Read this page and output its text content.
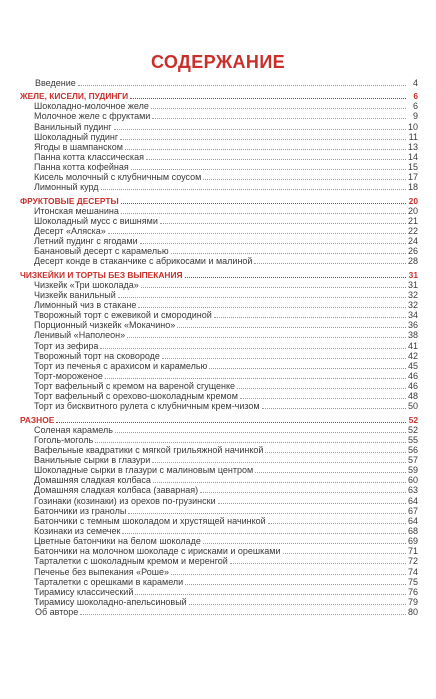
СОДЕРЖАНИЕ
Введение	4
ЖЕЛЕ, КИСЕЛИ, ПУДИНГИ	6
Шоколадно-молочное желе	6
Молочное желе с фруктами	9
Ванильный пудинг	10
Шоколадный пудинг	11
Ягоды в шампанском	13
Панна котта классическая	14
Панна котта кофейная	15
Кисель молочный с клубничным соусом	17
Лимонный курд	18
ФРУКТОВЫЕ ДЕСЕРТЫ	20
Итонская мешанина	20
Шоколадный мусс с вишнями	21
Десерт «Аляска»	22
Летний пудинг с ягодами	24
Банановый десерт с карамелью	26
Десерт конде в стаканчике с абрикосами и малиной	28
ЧИЗКЕЙКИ И ТОРТЫ БЕЗ ВЫПЕКАНИЯ	31
Чизкейк «Три шоколада»	31
Чизкейк ванильный	32
Лимонный чиз в стакане	32
Творожный торт с ежевикой и смородиной	34
Порционный чизкейк «Мокачино»	36
Ленивый «Наполеон»	38
Торт из зефира	41
Творожный торт на сковороде	42
Торт из печенья с арахисом и карамелью	45
Торт-мороженое	46
Торт вафельный с кремом на вареной сгущенке	46
Торт вафельный с орехово-шоколадным кремом	48
Торт из бисквитного рулета с клубничным крем-чизом	50
РАЗНОЕ	52
Соленая карамель	52
Гоголь-моголь	55
Вафельные квадратики с мягкой грильяжной начинкой	56
Ванильные сырки в глазури	57
Шоколадные сырки в глазури с малиновым центром	59
Домашняя сладкая колбаса	60
Домашняя сладкая колбаса (заварная)	63
Гозинаки (козинаки) из орехов по-грузински	64
Батончики из гранолы	67
Батончики с темным шоколадом и хрустящей начинкой	64
Козинаки из семечек	68
Цветные батончики на белом шоколаде	69
Батончики на молочном шоколаде с ирисками и орешками	71
Тарталетки с шоколадным кремом и меренгой	72
Печенье без выпекания «Роше»	74
Тарталетки с орешками в карамели	75
Тирамису классический	76
Тирамису шоколадно-апельсиновый	79
Об авторе	80
